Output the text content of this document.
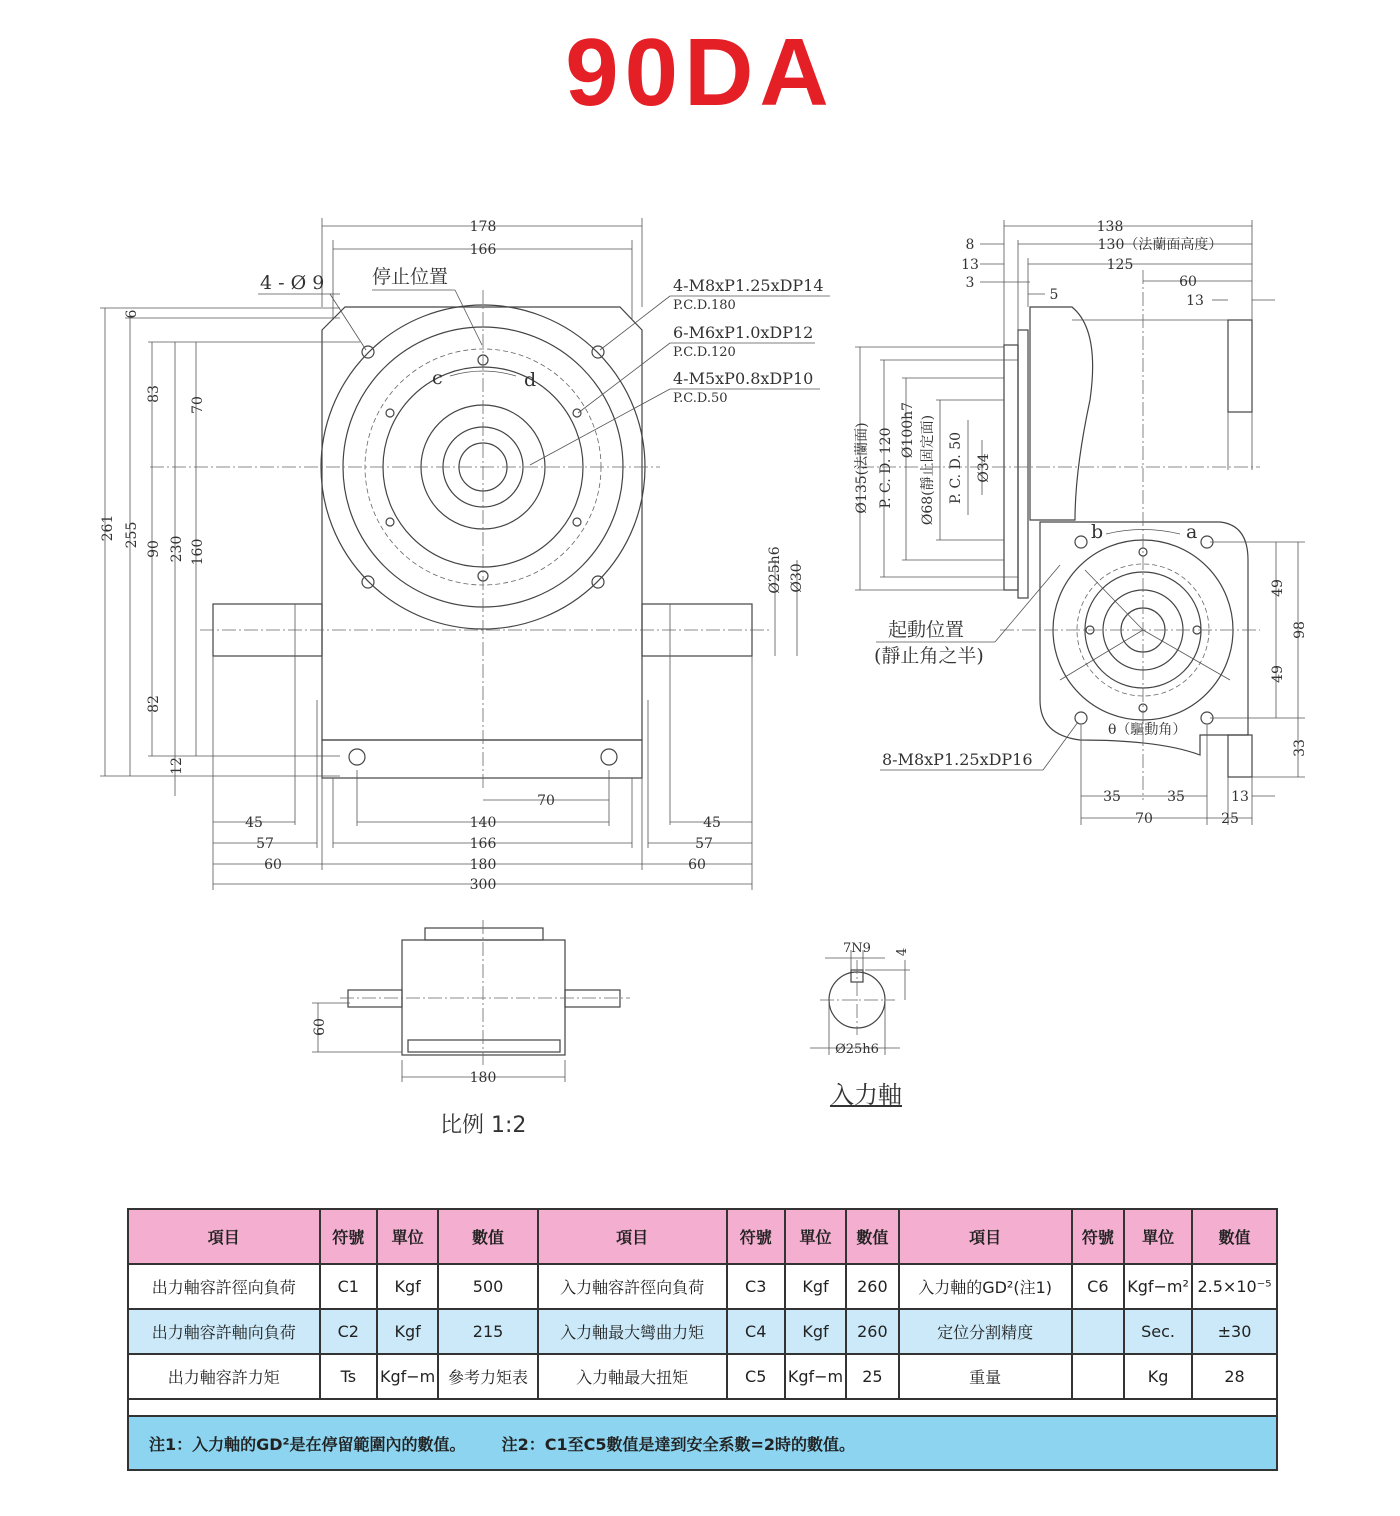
90DA
178
166
261 255
6
83
70
90 230 160
82
12
Ø25h6 Ø30
45
57
60
140
166
180
300
70
45
57
60
4 - Ø 9	停止位置
c	d
4-M8xP1.25xDP14
P.C.D.180
6-M6xP1.0xDP12
P.C.D.120
4-M5xP0.8xDP10
P.C.D.50
138
130（法蘭面高度）
125
60
13
8
13
3
5
Ø135(法蘭面) P. C. D. 120 Ø100h7 Ø68(靜止固定面) P. C. D. 50 Ø34
49
49
98
33
35	35	13
70	25
b	a
起動位置
(靜止角之半)
θ（驅動角）
8-M8xP1.25xDP16
60
180
7N9 4
Ø25h6
比例 1:2
入力軸
項目	符號	單位	數值	項目	符號	單位	數值	項目	符號	單位	數值
出力軸容許徑向負荷	C1	Kgf	500	入力軸容許徑向負荷	C3	Kgf	260	入力軸的GD²(注1)	C6	Kgf−m²	2.5×10⁻⁵
出力軸容許軸向負荷	C2	Kgf	215	入力軸最大彎曲力矩	C4	Kgf	260	定位分割精度		Sec.	±30
出力軸容許力矩	Ts	Kgf−m	參考力矩表	入力軸最大扭矩	C5	Kgf−m	25	重量		Kg	28

注1：入力軸的GD²是在停留範圍內的數值。 注2：C1至C5數值是達到安全系數=2時的數值。											
